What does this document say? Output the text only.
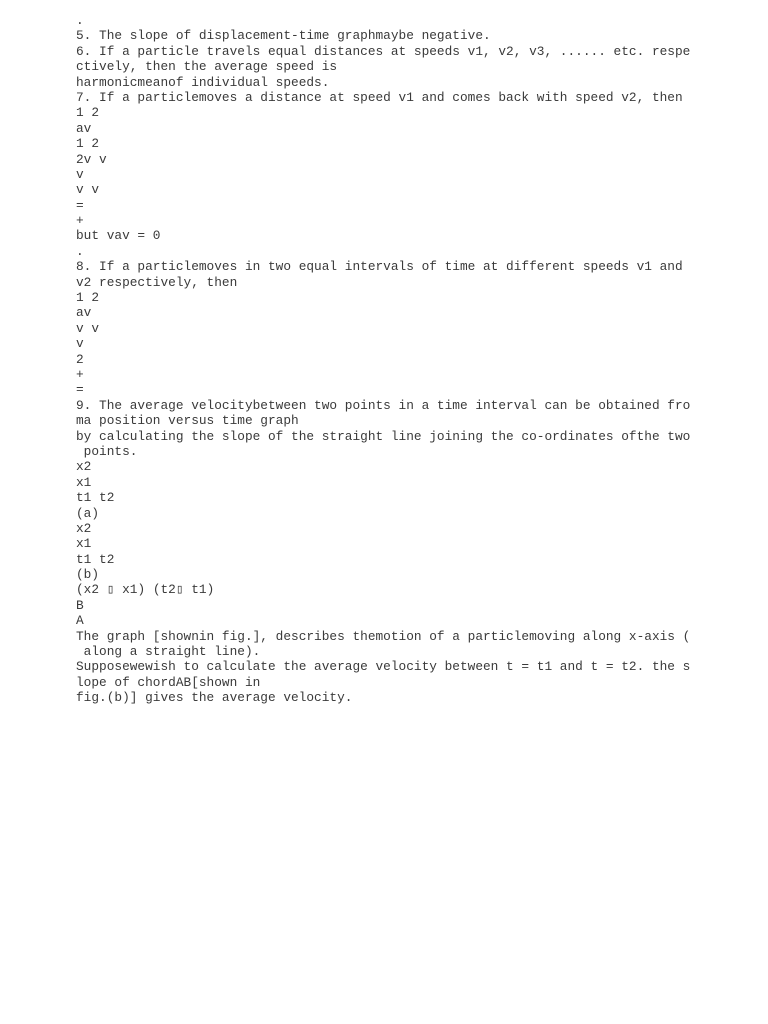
.

5. The slope of displacement-time graphmaybe negative.

6. If a particle travels equal distances at speeds v1, v2, v3, ...... etc. respe

ctively, then the average speed is

harmonicmeanof individual speeds.

7. If a particlemoves a distance at speed v1 and comes back with speed v2, then

1 2

av

1 2

2v v

v

v v

=

+

but vav = 0

.

8. If a particlemoves in two equal intervals of time at different speeds v1 and

v2 respectively, then

1 2

av

v v

v

2

+

=

9. The average velocitybetween two points in a time interval can be obtained fro

ma position versus time graph

by calculating the slope of the straight line joining the co-ordinates ofthe two

points.

x2

x1

t1 t2

(a)

x2

x1

t1 t2

(b)

(x2 ▯ x1) (t2▯ t1)

B

A

The graph [shownin fig.], describes themotion of a particlemoving along x-axis (

along a straight line).

Supposewewish to calculate the average velocity between t = t1 and t = t2. the s

lope of chordAB[shown in

fig.(b)] gives the average velocity.
